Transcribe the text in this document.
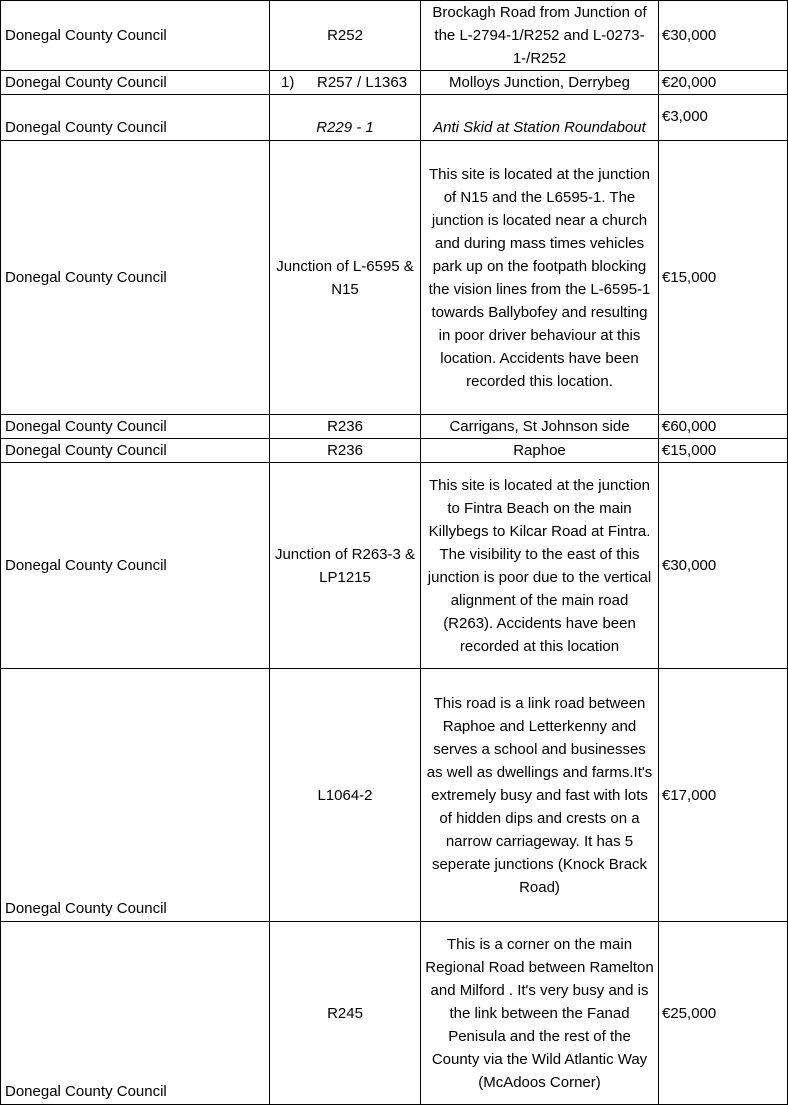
Donegal County Council	R252	Brockagh Road from Junction of the L-2794-1/R252 and L-0273-1-/R252	€30,000
Donegal County Council	1) R257 / L1363	Molloys Junction, Derrybeg	€20,000
Donegal County Council	R229 - 1	Anti Skid at Station Roundabout	€3,000
Donegal County Council	Junction of L-6595 & N15	This site is located at the junction of N15 and the L6595-1. The junction is located near a church and during mass times vehicles park up on the footpath blocking the vision lines from the L-6595-1 towards Ballybofey and resulting in poor driver behaviour at this location. Accidents have been recorded this location.	€15,000
Donegal County Council	R236	Carrigans, St Johnson side	€60,000
Donegal County Council	R236	Raphoe	€15,000
Donegal County Council	Junction of R263-3 & LP1215	This site is located at the junction to Fintra Beach on the main Killybegs to Kilcar Road at Fintra. The visibility to the east of this junction is poor due to the vertical alignment of the main road (R263). Accidents have been recorded at this location	€30,000
Donegal County Council	L1064-2	This road is a link road between Raphoe and Letterkenny and serves a school and businesses as well as dwellings and farms.It's extremely busy and fast with lots of hidden dips and crests on a narrow carriageway. It has 5 seperate junctions (Knock Brack Road)	€17,000
Donegal County Council	R245	This is a corner on the main Regional Road between Ramelton and Milford . It's very busy and is the link between the Fanad Penisula and the rest of the County via the Wild Atlantic Way (McAdoos Corner)	€25,000
